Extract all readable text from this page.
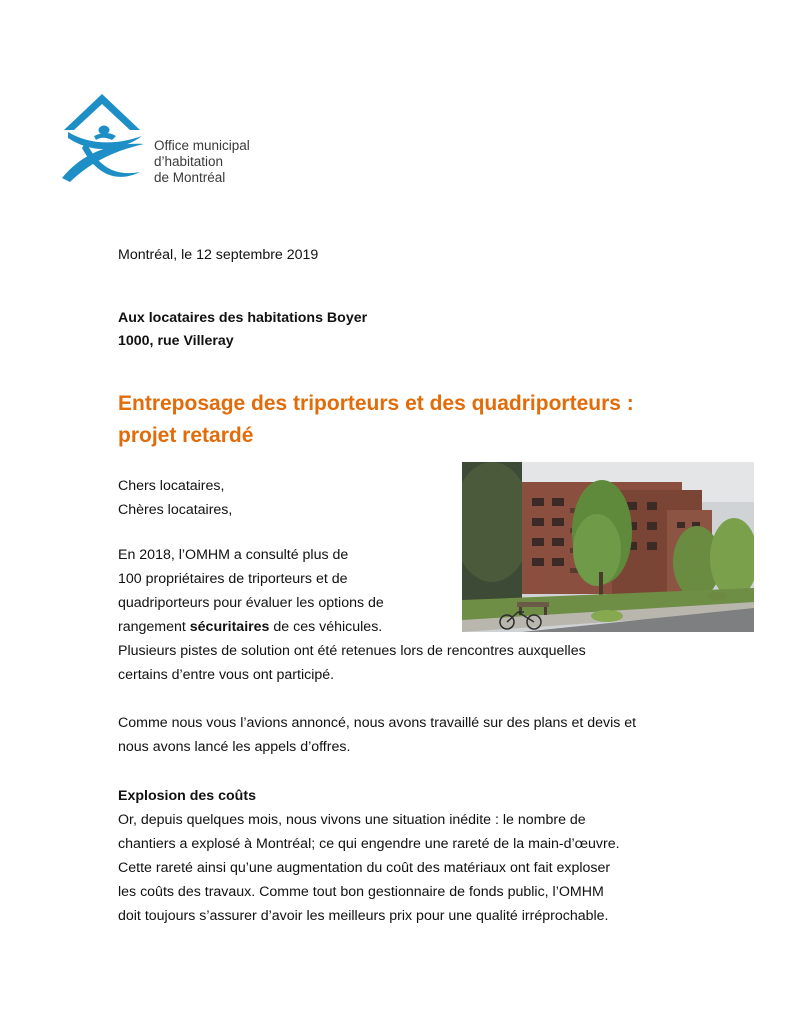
Office municipal
d’habitation
de Montréal
Montréal, le 12 septembre 2019
Aux locataires des habitations Boyer
1000, rue Villeray
Entreposage des triporteurs et des quadriporteurs :
projet retardé
Chers locataires,
Chères locataires,
En 2018, l’OMHM a consulté plus de
100 propriétaires de triporteurs et de
quadriporteurs pour évaluer les options de
rangement sécuritaires de ces véhicules.
Plusieurs pistes de solution ont été retenues lors de rencontres auxquelles
certains d’entre vous ont participé.
Comme nous vous l’avions annoncé, nous avons travaillé sur des plans et devis et
nous avons lancé les appels d’offres.
Explosion des coûts
Or, depuis quelques mois, nous vivons une situation inédite : le nombre de
chantiers a explosé à Montréal; ce qui engendre une rareté de la main-d’œuvre.
Cette rareté ainsi qu’une augmentation du coût des matériaux ont fait exploser
les coûts des travaux. Comme tout bon gestionnaire de fonds public, l’OMHM
doit toujours s’assurer d’avoir les meilleurs prix pour une qualité irréprochable.
